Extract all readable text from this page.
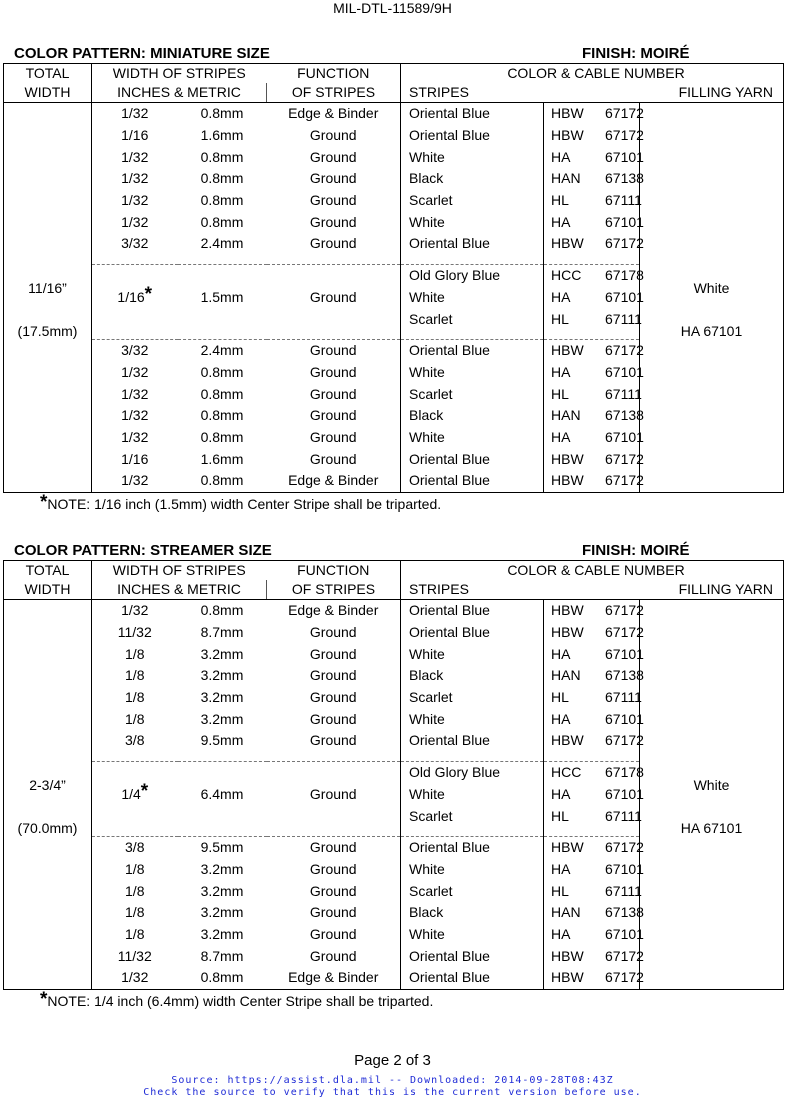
MIL-DTL-11589/9H
COLOR PATTERN: MINIATURE SIZE	FINISH: MOIRÉ
TOTAL	WIDTH OF STRIPES		FUNCTION	COLOR & CABLE NUMBER		
WIDTH	INCHES & METRIC		OF STRIPES	STRIPES		FILLING YARN

11/16”
(17.5mm)	1/32	0.8mm	Edge & Binder	Oriental Blue	HBW 67172	White
HA 67101

	1/16	1.6mm	Ground	Oriental Blue	HBW 67172	
	1/32	0.8mm	Ground	White	HA 67101	
	1/32	0.8mm	Ground	Black	HAN 67138	
	1/32	0.8mm	Ground	Scarlet	HL 67111	
	1/32	0.8mm	Ground	White	HA 67101	
	3/32	2.4mm	Ground	Oriental Blue	HBW 67172	

	1/16*	1.5mm	Ground	Old Glory Blue	HCC 67178	
				White	HA 67101	
				Scarlet	HL 67111	

	3/32	2.4mm	Ground	Oriental Blue	HBW 67172	
	1/32	0.8mm	Ground	White	HA 67101	
	1/32	0.8mm	Ground	Scarlet	HL 67111	
	1/32	0.8mm	Ground	Black	HAN 67138	
	1/32	0.8mm	Ground	White	HA 67101	
	1/16	1.6mm	Ground	Oriental Blue	HBW 67172	
	1/32	0.8mm	Edge & Binder	Oriental Blue	HBW 67172	
*NOTE: 1/16 inch (1.5mm) width Center Stripe shall be triparted.
COLOR PATTERN: STREAMER SIZE	FINISH: MOIRÉ
TOTAL	WIDTH OF STRIPES		FUNCTION	COLOR & CABLE NUMBER		
WIDTH	INCHES & METRIC		OF STRIPES	STRIPES		FILLING YARN

2-3/4”
(70.0mm)	1/32	0.8mm	Edge & Binder	Oriental Blue	HBW 67172	White
HA 67101

	11/32	8.7mm	Ground	Oriental Blue	HBW 67172	
	1/8	3.2mm	Ground	White	HA 67101	
	1/8	3.2mm	Ground	Black	HAN 67138	
	1/8	3.2mm	Ground	Scarlet	HL 67111	
	1/8	3.2mm	Ground	White	HA 67101	
	3/8	9.5mm	Ground	Oriental Blue	HBW 67172	

	1/4*	6.4mm	Ground	Old Glory Blue	HCC 67178	
				White	HA 67101	
				Scarlet	HL 67111	

	3/8	9.5mm	Ground	Oriental Blue	HBW 67172	
	1/8	3.2mm	Ground	White	HA 67101	
	1/8	3.2mm	Ground	Scarlet	HL 67111	
	1/8	3.2mm	Ground	Black	HAN 67138	
	1/8	3.2mm	Ground	White	HA 67101	
	11/32	8.7mm	Ground	Oriental Blue	HBW 67172	
	1/32	0.8mm	Edge & Binder	Oriental Blue	HBW 67172	
*NOTE: 1/4 inch (6.4mm) width Center Stripe shall be triparted.
Page 2 of 3
Source: https://assist.dla.mil -- Downloaded: 2014-09-28T08:43Z
Check the source to verify that this is the current version before use.
